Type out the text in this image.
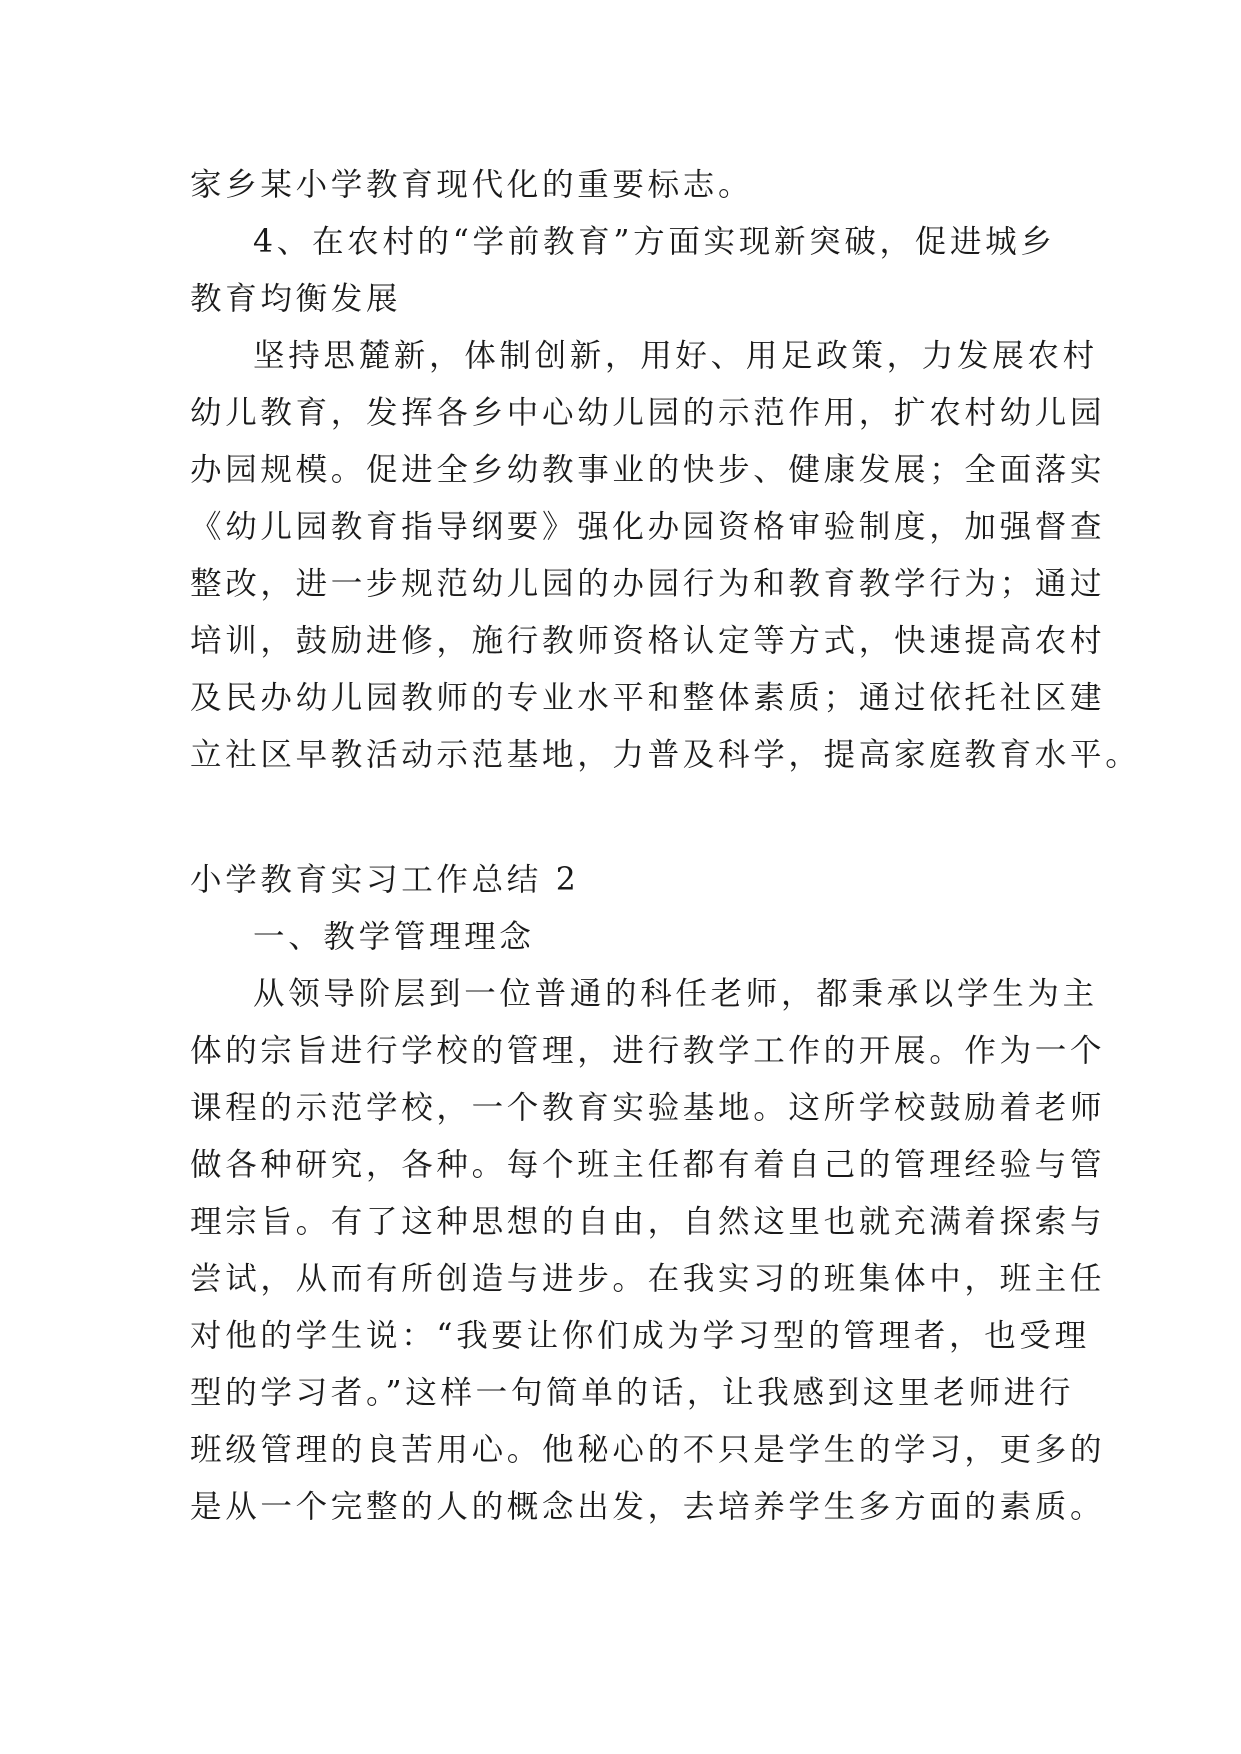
家乡某小学教育现代化的重要标志。
4、在农村的“学前教育”方面实现新突破，促进城乡
教育均衡发展
坚持思麓新，体制创新，用好、用足政策，力发展农村
幼儿教育，发挥各乡中心幼儿园的示范作用，扩农村幼儿园
办园规模。促进全乡幼教事业的快步、健康发展；全面落实
《幼儿园教育指导纲要》强化办园资格审验制度，加强督查
整改，进一步规范幼儿园的办园行为和教育教学行为；通过
培训，鼓励进修，施行教师资格认定等方式，快速提高农村
及民办幼儿园教师的专业水平和整体素质；通过依托社区建
立社区早教活动示范基地，力普及科学，提高家庭教育水平。
小学教育实习工作总结 2
一、教学管理理念
从领导阶层到一位普通的科任老师，都秉承以学生为主
体的宗旨进行学校的管理，进行教学工作的开展。作为一个
课程的示范学校，一个教育实验基地。这所学校鼓励着老师
做各种研究，各种。每个班主任都有着自己的管理经验与管
理宗旨。有了这种思想的自由，自然这里也就充满着探索与
尝试，从而有所创造与进步。在我实习的班集体中，班主任
对他的学生说：“我要让你们成为学习型的管理者，也受理
型的学习者。”这样一句简单的话，让我感到这里老师进行
班级管理的良苦用心。他秘心的不只是学生的学习，更多的
是从一个完整的人的概念出发，去培养学生多方面的素质。
